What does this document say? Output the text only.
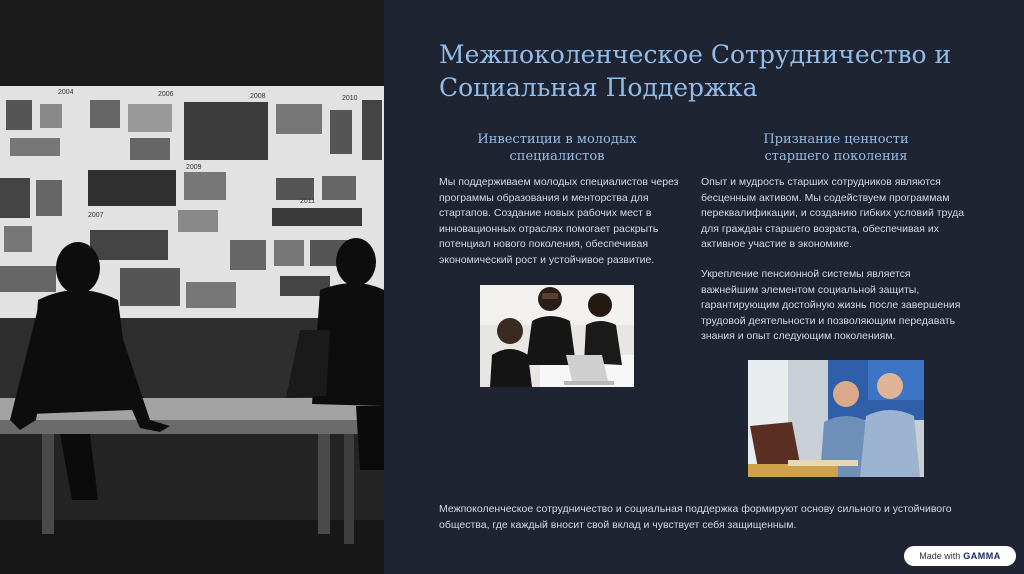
2004	2006	2008	2010
2009
2007
2011
Межпоколенческое Сотрудничество и Социальная Поддержка
Инвестиции в молодых специалистов

Мы поддерживаем молодых специалистов через программы образования и менторства для стартапов. Создание новых рабочих мест в инновационных отраслях помогает раскрыть потенциал нового поколения, обеспечивая экономический рост и устойчивое развитие.

Признание ценности старшего поколения

Опыт и мудрость старших сотрудников являются бесценным активом. Мы содействуем программам переквалификации, и созданию гибких условий труда для граждан старшего возраста, обеспечивая их активное участие в экономике.

Укрепление пенсионной системы является важнейшим элементом социальной защиты, гарантирующим достойную жизнь после завершения трудовой деятельности и позволяющим передавать знания и опыт следующим поколениям.

Межпоколенческое сотрудничество и социальная поддержка формируют основу сильного и устойчивого общества, где каждый вносит свой вклад и чувствует себя защищенным.

Made with GAMMA
